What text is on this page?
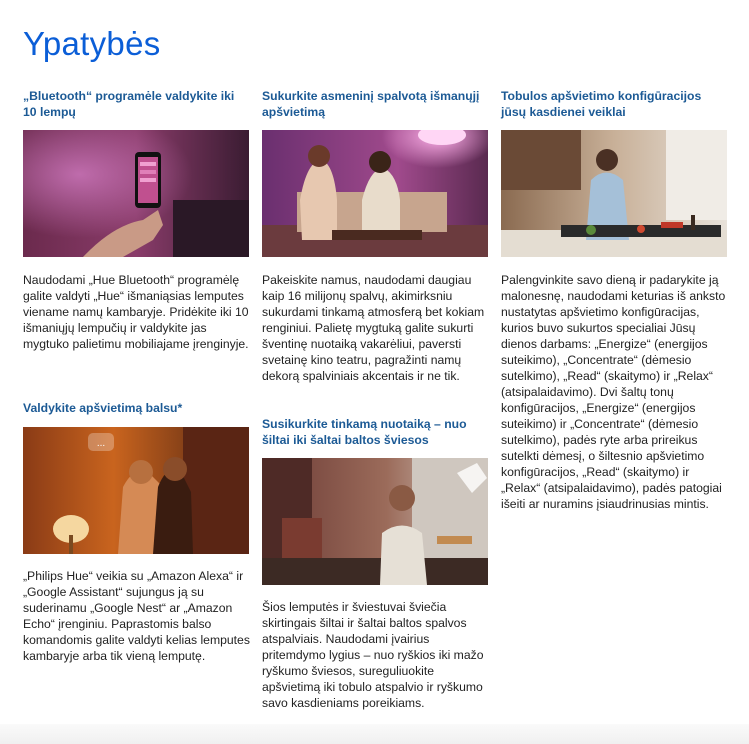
Ypatybės

„Bluetooth“ programėle valdykite iki 10 lempų

Naudodami „Hue Bluetooth“ programėlę galite valdyti „Hue“ išmaniąsias lemputes viename namų kambaryje. Pridėkite iki 10 išmaniųjų lempučių ir valdykite jas mygtuko palietimu mobiliajame įrenginyje.

Valdykite apšvietimą balsu*

...

„Philips Hue“ veikia su „Amazon Alexa“ ir „Google Assistant“ sujungus ją su suderinamu „Google Nest“ ar „Amazon Echo“ įrenginiu. Paprastomis balso komandomis galite valdyti kelias lemputes kambaryje arba tik vieną lemputę.

Sukurkite asmeninį spalvotą išmanųjį apšvietimą

Pakeiskite namus, naudodami daugiau kaip 16 milijonų spalvų, akimirksniu sukurdami tinkamą atmosferą bet kokiam renginiui. Palietę mygtuką galite sukurti šventinę nuotaiką vakarėliui, paversti svetainę kino teatru, pagražinti namų dekorą spalviniais akcentais ir ne tik.

Susikurkite tinkamą nuotaiką – nuo šiltai iki šaltai baltos šviesos

Šios lemputės ir šviestuvai šviečia skirtingais šiltai ir šaltai baltos spalvos atspalviais. Naudodami įvairius pritemdymo lygius – nuo ryškios iki mažo ryškumo šviesos, sureguliuokite apšvietimą iki tobulo atspalvio ir ryškumo savo kasdieniams poreikiams.

Tobulos apšvietimo konfigūracijos jūsų kasdienei veiklai

Palengvinkite savo dieną ir padarykite ją malonesnę, naudodami keturias iš anksto nustatytas apšvietimo konfigūracijas, kurios buvo sukurtos specialiai Jūsų dienos darbams: „Energize“ (energijos suteikimo), „Concentrate“ (dėmesio sutelkimo), „Read“ (skaitymo) ir „Relax“ (atsipalaidavimo). Dvi šaltų tonų konfigūracijos, „Energize“ (energijos suteikimo) ir „Concentrate“ (dėmesio sutelkimo), padės ryte arba prireikus sutelkti dėmesį, o šiltesnio apšvietimo konfigūracijos, „Read“ (skaitymo) ir „Relax“ (atsipalaidavimo), padės patogiai išeiti ar nuramins įsiaudrinusias mintis.
